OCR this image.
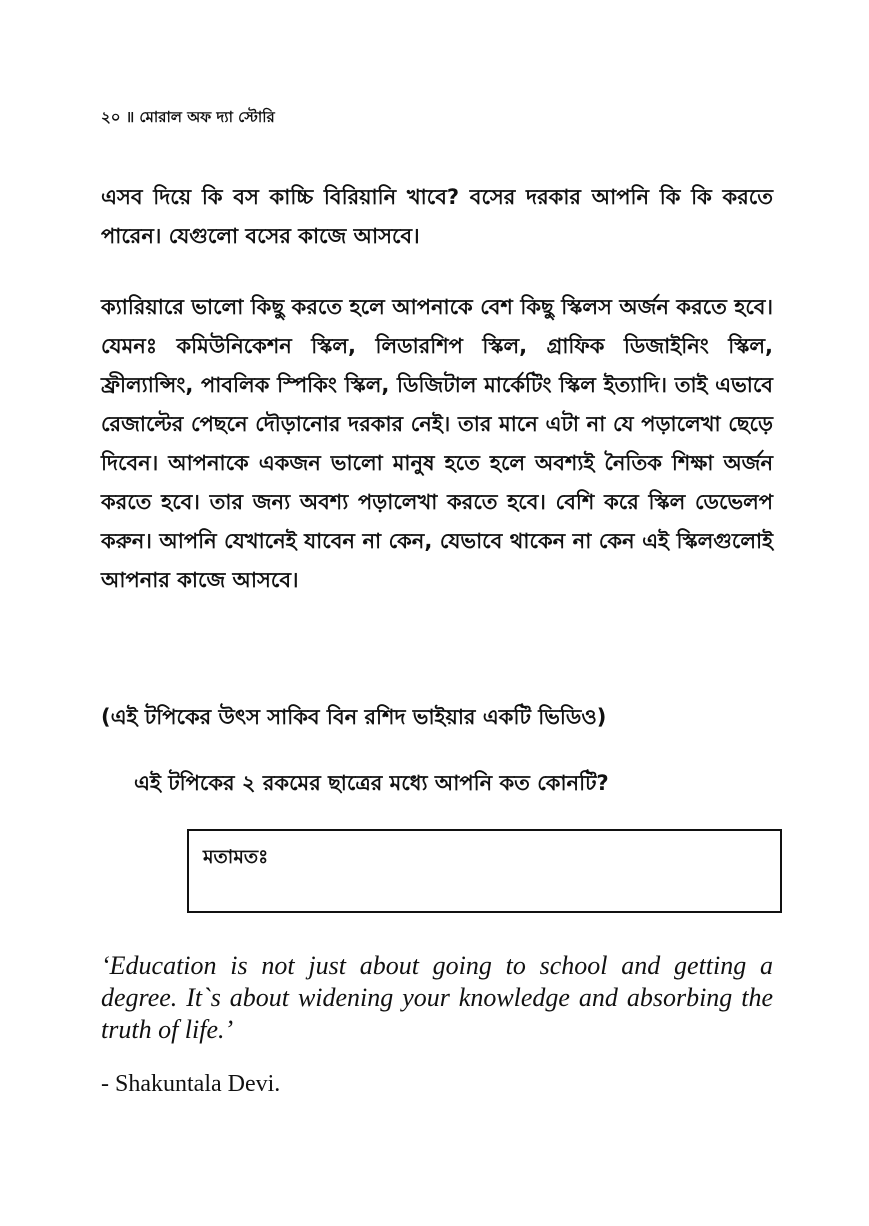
২০ ॥ মোরাল অফ দ্যা স্টোরি

এসব দিয়ে কি বস কাচ্চি বিরিয়ানি খাবে? বসের দরকার আপনি কি কি করতে পারেন। যেগুলো বসের কাজে আসবে।

ক্যারিয়ারে ভালো কিছু করতে হলে আপনাকে বেশ কিছু স্কিলস অর্জন করতে হবে। যেমনঃ কমিউনিকেশন স্কিল, লিডারশিপ স্কিল, গ্রাফিক ডিজাইনিং স্কিল, ফ্রীল্যান্সিং, পাবলিক স্পিকিং স্কিল, ডিজিটাল মার্কেটিং স্কিল ইত্যাদি। তাই এভাবে রেজাল্টের পেছনে দৌড়ানোর দরকার নেই। তার মানে এটা না যে পড়ালেখা ছেড়ে দিবেন। আপনাকে একজন ভালো মানুষ হতে হলে অবশ্যই নৈতিক শিক্ষা অর্জন করতে হবে। তার জন্য অবশ্য পড়ালেখা করতে হবে। বেশি করে স্কিল ডেভেলপ করুন। আপনি যেখানেই যাবেন না কেন, যেভাবে থাকেন না কেন এই স্কিলগুলোই আপনার কাজে আসবে।

(এই টপিকের উৎস সাকিব বিন রশিদ ভাইয়ার একটি ভিডিও)
এই টপিকের ২ রকমের ছাত্রের মধ্যে আপনি কত কোনটি?
মতামতঃ

‘Education is not just about going to school and getting a degree. It`s about widening your knowledge and absorbing the truth of life.’

- Shakuntala Devi.
